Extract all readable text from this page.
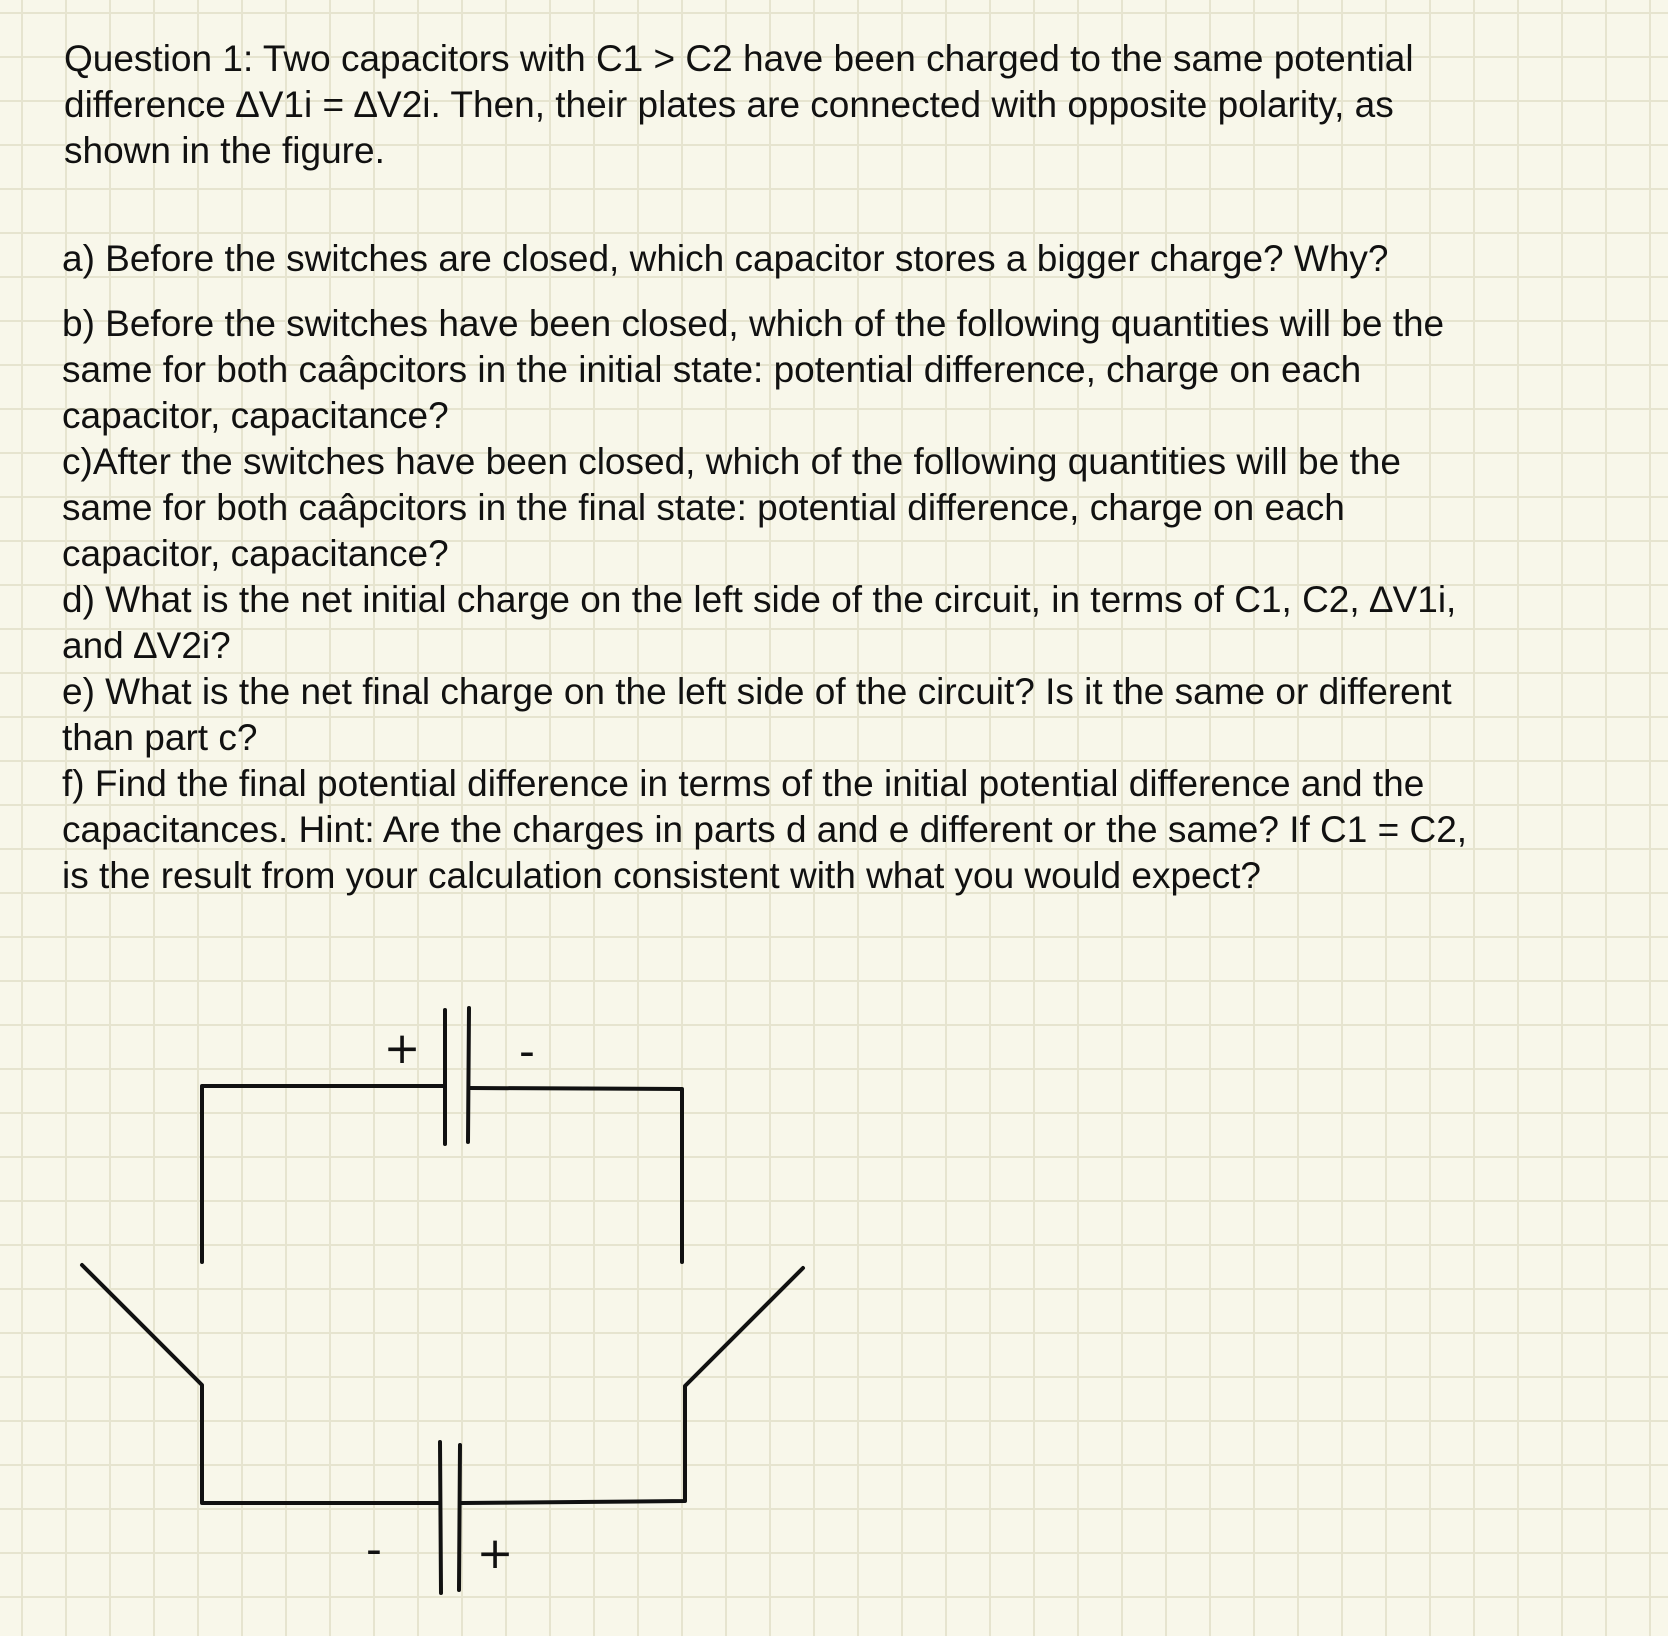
Question 1: Two capacitors with C1 > C2 have been charged to the same potential
difference ∆V1i = ∆V2i. Then, their plates are connected with opposite polarity, as
shown in the figure.
a) Before the switches are closed, which capacitor stores a bigger charge? Why?
b) Before the switches have been closed, which of the following quantities will be the
same for both caâpcitors in the initial state: potential difference, charge on each
capacitor, capacitance?
c)After the switches have been closed, which of the following quantities will be the
same for both caâpcitors in the final state: potential difference, charge on each
capacitor, capacitance?
d) What is the net initial charge on the left side of the circuit, in terms of C1, C2, ∆V1i,
and ∆V2i?
e) What is the net final charge on the left side of the circuit? Is it the same or different
than part c?
f) Find the final potential difference in terms of the initial potential difference and the
capacitances. Hint: Are the charges in parts d and e different or the same? If C1 = C2,
is the result from your calculation consistent with what you would expect?
+ -
- +
